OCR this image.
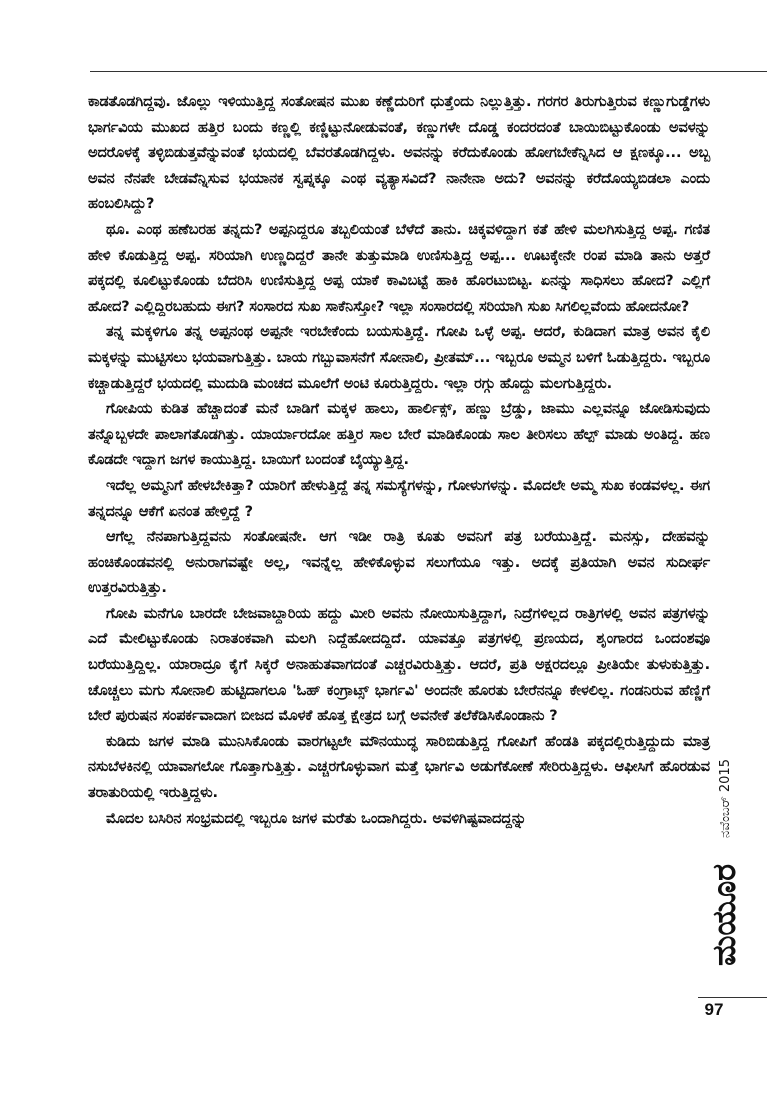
ಕಾಡತೊಡಗಿದ್ದವು. ಜೊಲ್ಲು ಇಳಿಯುತ್ತಿದ್ದ ಸಂತೋಷನ ಮುಖ ಕಣ್ಣೆದುರಿಗೆ ಧುತ್ತೆಂದು ನಿಲ್ಲುತ್ತಿತ್ತು. ಗರಗರ ತಿರುಗುತ್ತಿರುವ ಕಣ್ಣುಗುಡ್ಡೆಗಳು ಭಾರ್ಗವಿಯ ಮುಖದ ಹತ್ತಿರ ಬಂದು ಕಣ್ಣಲ್ಲಿ ಕಣ್ಣಿಟ್ಟುನೋಡುವಂತೆ, ಕಣ್ಣುಗಳೇ ದೊಡ್ಡ ಕಂದರದಂತೆ ಬಾಯಿಬಿಟ್ಟುಕೊಂಡು ಅವಳನ್ನು ಅದರೊಳಕ್ಕೆ ತಳ್ಳಿಬಿಡುತ್ತವೆನ್ನುವಂತೆ ಭಯದಲ್ಲಿ ಬೆವರತೊಡಗಿದ್ದಳು. ಅವನನ್ನು ಕರೆದುಕೊಂಡು ಹೋಗಬೇಕೆನ್ನಿಸಿದ ಆ ಕ್ಷಣಕ್ಕೂ... ಅಬ್ಬ ಅವನ ನೆನಪೇ ಬೇಡವೆನ್ನಿಸುವ ಭಯಾನಕ ಸ್ವಪ್ನಕ್ಕೂ ಎಂಥ ವ್ಯತ್ಯಾಸವಿದೆ? ನಾನೇನಾ ಅದು? ಅವನನ್ನು ಕರೆದೊಯ್ಯಬಿಡಲಾ ಎಂದು ಹಂಬಲಿಸಿದ್ದು?

ಥೂ. ಎಂಥ ಹಣೆಬರಹ ತನ್ನದು? ಅಪ್ಪನಿದ್ದರೂ ತಬ್ಬಲಿಯಂತೆ ಬೆಳೆದೆ ತಾನು. ಚಿಕ್ಕವಳಿದ್ದಾಗ ಕತೆ ಹೇಳಿ ಮಲಗಿಸುತ್ತಿದ್ದ ಅಪ್ಪ. ಗಣಿತ ಹೇಳಿ ಕೊಡುತ್ತಿದ್ದ ಅಪ್ಪ. ಸರಿಯಾಗಿ ಉಣ್ಣದಿದ್ದರೆ ತಾನೇ ತುತ್ತುಮಾಡಿ ಉಣಿಸುತ್ತಿದ್ದ ಅಪ್ಪ... ಊಟಕ್ಕೇನೇ ರಂಪ ಮಾಡಿ ತಾನು ಅತ್ತರೆ ಪಕ್ಕದಲ್ಲಿ ಕೂಲಿಟ್ಟುಕೊಂಡು ಬೆದರಿಸಿ ಉಣಿಸುತ್ತಿದ್ದ ಅಪ್ಪ ಯಾಕೆ ಕಾವಿಬಟ್ಟೆ ಹಾಕಿ ಹೊರಟುಬಿಟ್ಟ. ಏನನ್ನು ಸಾಧಿಸಲು ಹೋದ? ಎಲ್ಲಿಗೆ ಹೋದ? ಎಲ್ಲಿದ್ದಿರಬಹುದು ಈಗ? ಸಂಸಾರದ ಸುಖ ಸಾಕೆನಿಸ್ತೋ? ಇಲ್ಲಾ ಸಂಸಾರದಲ್ಲಿ ಸರಿಯಾಗಿ ಸುಖ ಸಿಗಲಿಲ್ಲವೆಂದು ಹೋದನೋ?

ತನ್ನ ಮಕ್ಕಳಿಗೂ ತನ್ನ ಅಪ್ಪನಂಥ ಅಪ್ಪನೇ ಇರಬೇಕೆಂದು ಬಯಸುತ್ತಿದ್ದೆ. ಗೋಪಿ ಒಳ್ಳೆ ಅಪ್ಪ. ಆದರೆ, ಕುಡಿದಾಗ ಮಾತ್ರ ಅವನ ಕೈಲಿ ಮಕ್ಕಳನ್ನು ಮುಟ್ಟಿಸಲು ಭಯವಾಗುತ್ತಿತ್ತು. ಬಾಯ ಗಬ್ಬುವಾಸನೆಗೆ ಸೋನಾಲಿ, ಪ್ರೀತಮ್... ಇಬ್ಬರೂ ಅಮ್ಮನ ಬಳಿಗೆ ಓಡುತ್ತಿದ್ದರು. ಇಬ್ಬರೂ ಕಚ್ಚಾಡುತ್ತಿದ್ದರೆ ಭಯದಲ್ಲಿ ಮುದುಡಿ ಮಂಚದ ಮೂಲೆಗೆ ಅಂಟಿ ಕೂರುತ್ತಿದ್ದರು. ಇಲ್ಲಾ ರಗ್ಗು ಹೊದ್ದು ಮಲಗುತ್ತಿದ್ದರು.

ಗೋಪಿಯ ಕುಡಿತ ಹೆಚ್ಚಾದಂತೆ ಮನೆ ಬಾಡಿಗೆ ಮಕ್ಕಳ ಹಾಲು, ಹಾರ್ಲಿಕ್ಸ್, ಹಣ್ಣು ಬ್ರೆಡ್ಡು, ಜಾಮು ಎಲ್ಲವನ್ನೂ ಜೋಡಿಸುವುದು ತನ್ನೊಬ್ಬಳದೇ ಪಾಲಾಗತೊಡಗಿತ್ತು. ಯಾರ್ಯಾರದೋ ಹತ್ತಿರ ಸಾಲ ಬೇರೆ ಮಾಡಿಕೊಂಡು ಸಾಲ ತೀರಿಸಲು ಹೆಲ್ಪ್ ಮಾಡು ಅಂತಿದ್ದ. ಹಣ ಕೊಡದೇ ಇದ್ದಾಗ ಜಗಳ ಕಾಯುತ್ತಿದ್ದ. ಬಾಯಿಗೆ ಬಂದಂತೆ ಬೈಯ್ಯುತ್ತಿದ್ದ.

ಇದೆಲ್ಲ ಅಮ್ಮನಿಗೆ ಹೇಳಬೇಕಿತ್ತಾ? ಯಾರಿಗೆ ಹೇಳುತ್ತಿದ್ದೆ ತನ್ನ ಸಮಸ್ಯೆಗಳನ್ನು, ಗೋಳುಗಳನ್ನು. ಮೊದಲೇ ಅಮ್ಮ ಸುಖ ಕಂಡವಳಲ್ಲ. ಈಗ ತನ್ನದನ್ನೂ ಆಕೆಗೆ ಏನಂತ ಹೇಳ್ತಿದ್ದೆ ?

ಆಗೆಲ್ಲ ನೆನಪಾಗುತ್ತಿದ್ದವನು ಸಂತೋಷನೇ. ಆಗ ಇಡೀ ರಾತ್ರಿ ಕೂತು ಅವನಿಗೆ ಪತ್ರ ಬರೆಯುತ್ತಿದ್ದೆ. ಮನಸ್ಸು, ದೇಹವನ್ನು ಹಂಚಿಕೊಂಡವನಲ್ಲಿ ಅನುರಾಗವಷ್ಟೇ ಅಲ್ಲ, ಇವನ್ನೆಲ್ಲ ಹೇಳಿಕೊಳ್ಳುವ ಸಲುಗೆಯೂ ಇತ್ತು. ಅದಕ್ಕೆ ಪ್ರತಿಯಾಗಿ ಅವನ ಸುದೀರ್ಘ ಉತ್ತರವಿರುತ್ತಿತ್ತು.

ಗೋಪಿ ಮನೆಗೂ ಬಾರದೇ ಬೇಜವಾಬ್ದಾರಿಯ ಹದ್ದು ಮೀರಿ ಅವನು ನೋಯಿಸುತ್ತಿದ್ದಾಗ, ನಿದ್ರೆಗಳಿಲ್ಲದ ರಾತ್ರಿಗಳಲ್ಲಿ ಅವನ ಪತ್ರಗಳನ್ನು ಎದೆ ಮೇಲಿಟ್ಟುಕೊಂಡು ನಿರಾತಂಕವಾಗಿ ಮಲಗಿ ನಿದ್ದೆಹೋದದ್ದಿದೆ. ಯಾವತ್ತೂ ಪತ್ರಗಳಲ್ಲಿ ಪ್ರಣಯದ, ಶೃಂಗಾರದ ಒಂದಂಶವೂ ಬರೆಯುತ್ತಿದ್ದಿಲ್ಲ. ಯಾರಾದ್ರೂ ಕೈಗೆ ಸಿಕ್ಕರೆ ಅನಾಹುತವಾಗದಂತೆ ಎಚ್ಚರವಿರುತ್ತಿತ್ತು. ಆದರೆ, ಪ್ರತಿ ಅಕ್ಷರದಲ್ಲೂ ಪ್ರೀತಿಯೇ ತುಳುಕುತ್ತಿತ್ತು. ಚೊಚ್ಚಲು ಮಗು ಸೋನಾಲಿ ಹುಟ್ಟಿದಾಗಲೂ 'ಓಹ್ ಕಂಗ್ರಾಟ್ಸ್ ಭಾರ್ಗವಿ' ಅಂದನೇ ಹೊರತು ಬೇರೆನನ್ನೂ ಕೇಳಲಿಲ್ಲ. ಗಂಡನಿರುವ ಹೆಣ್ಣಿಗೆ ಬೇರೆ ಪುರುಷನ ಸಂಪರ್ಕವಾದಾಗ ಬೀಜದ ಮೊಳಕೆ ಹೊತ್ತ ಕ್ಷೇತ್ರದ ಬಗ್ಗೆ ಅವನೇಕೆ ತಲೆಕೆಡಿಸಿಕೊಂಡಾನು ?

ಕುಡಿದು ಜಗಳ ಮಾಡಿ ಮುನಿಸಿಕೊಂಡು ವಾರಗಟ್ಟಲೇ ಮೌನಯುದ್ಧ ಸಾರಿಬಿಡುತ್ತಿದ್ದ ಗೋಪಿಗೆ ಹೆಂಡತಿ ಪಕ್ಕದಲ್ಲಿರುತ್ತಿದ್ದುದು ಮಾತ್ರ ನಸುಬೆಳಕಿನಲ್ಲಿ ಯಾವಾಗಲೋ ಗೊತ್ತಾಗುತ್ತಿತ್ತು. ಎಚ್ಚರಗೊಳ್ಳುವಾಗ ಮತ್ತೆ ಭಾರ್ಗವಿ ಅಡುಗೆಕೋಣೆ ಸೇರಿರುತ್ತಿದ್ದಳು. ಆಫೀಸಿಗೆ ಹೊರಡುವ ತರಾತುರಿಯಲ್ಲಿ ಇರುತ್ತಿದ್ದಳು.

ಮೊದಲ ಬಸಿರಿನ ಸಂಭ್ರಮದಲ್ಲಿ ಇಬ್ಬರೂ ಜಗಳ ಮರೆತು ಒಂದಾಗಿದ್ದರು. ಅವಳಿಗಿಷ್ಟವಾದದ್ದನ್ನು	ನವೆಂಬರ್ 2015
ಮಯೂರ
97
